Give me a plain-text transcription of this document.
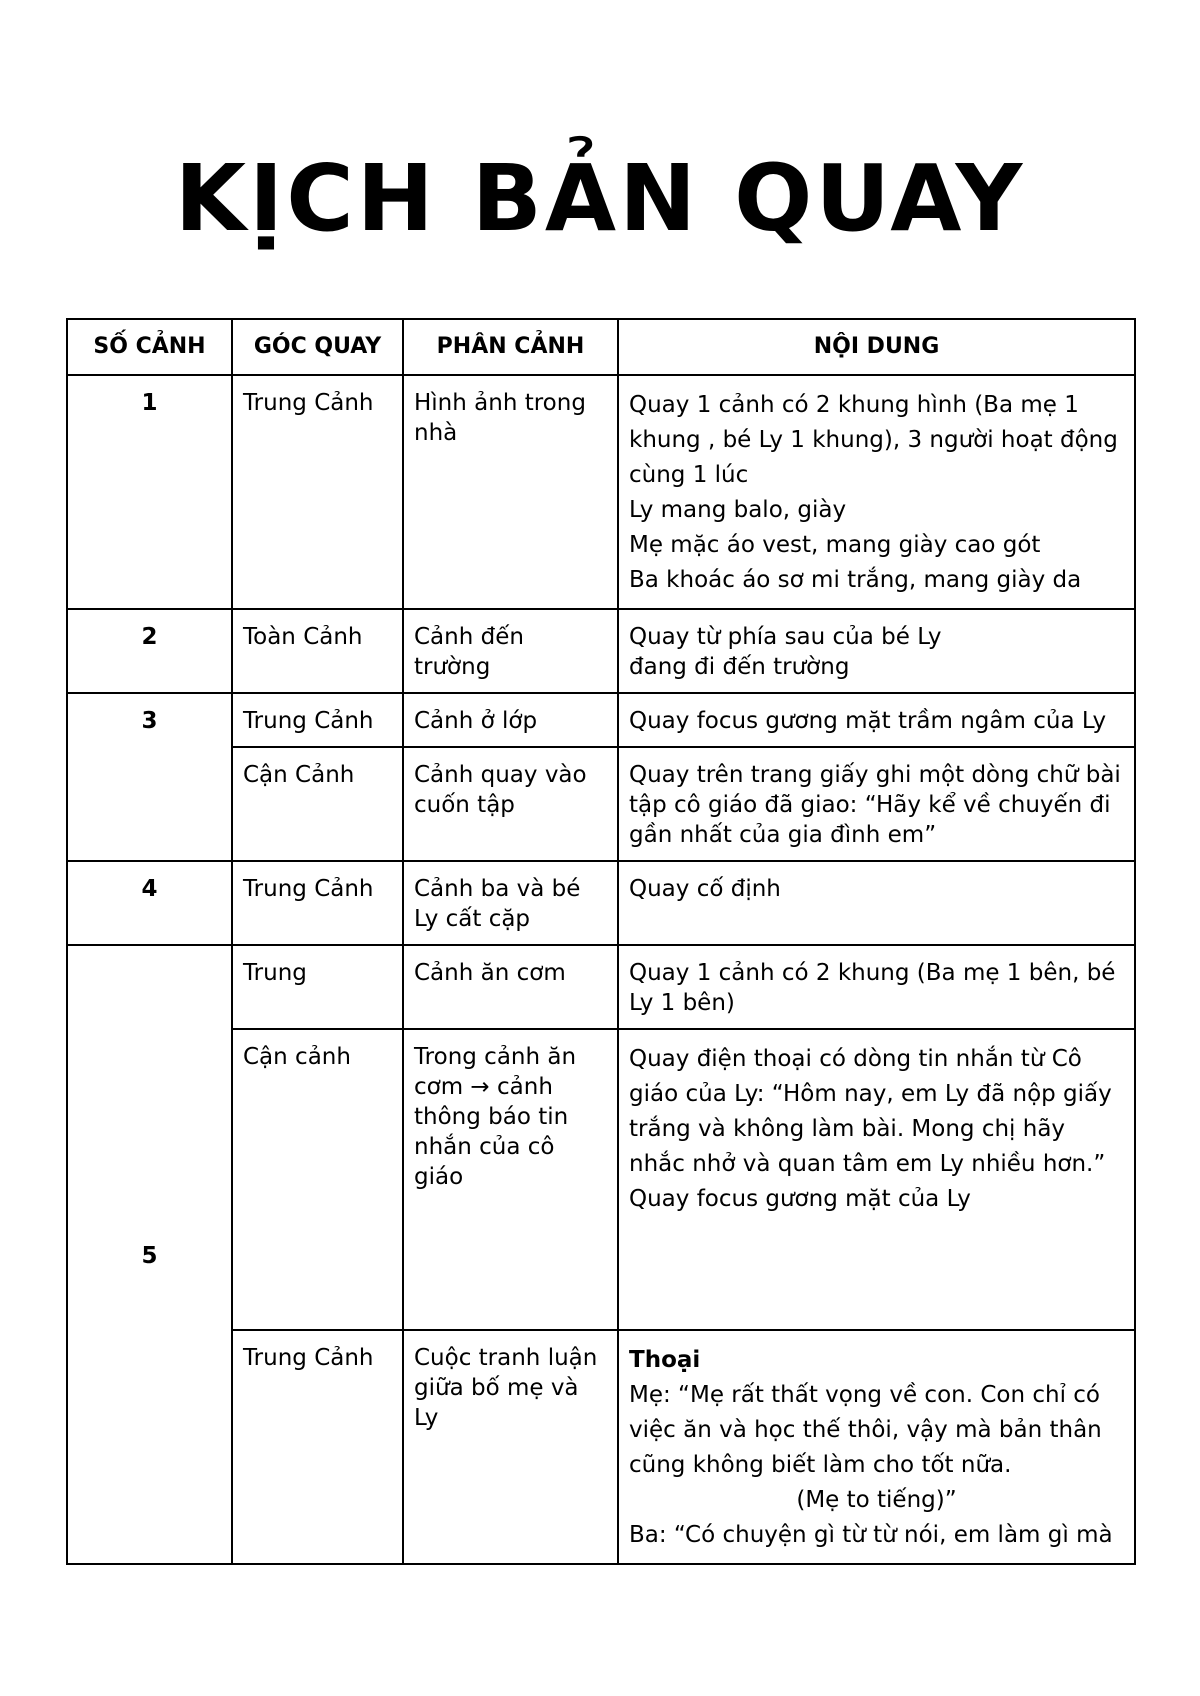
KỊCH BẢN QUAY
SỐ CẢNH	GÓC QUAY	PHÂN CẢNH	NỘI DUNG
1	Trung Cảnh	Hình ảnh trong nhà	Quay 1 cảnh có 2 khung hình (Ba mẹ 1 khung , bé Ly 1 khung), 3 người hoạt động cùng 1 lúc
Ly mang balo, giày
Mẹ mặc áo vest, mang giày cao gót
Ba khoác áo sơ mi trắng, mang giày da

2	Toàn Cảnh	Cảnh đến trường	Quay từ phía sau của bé Ly
đang đi đến trường

3	Trung Cảnh	Cảnh ở lớp	Quay focus gương mặt trầm ngâm của Ly

	Cận Cảnh	Cảnh quay vào cuốn tập	Quay trên trang giấy ghi một dòng chữ bài tập cô giáo đã giao: “Hãy kể về chuyến đi gần nhất của gia đình em”

4	Trung Cảnh	Cảnh ba và bé Ly cất cặp	Quay cố định

5	Trung	Cảnh ăn cơm	Quay 1 cảnh có 2 khung (Ba mẹ 1 bên, bé Ly 1 bên)

	Cận cảnh	Trong cảnh ăn cơm → cảnh thông báo tin nhắn của cô giáo	Quay điện thoại có dòng tin nhắn từ Cô giáo của Ly: “Hôm nay, em Ly đã nộp giấy trắng và không làm bài. Mong chị hãy nhắc nhở và quan tâm em Ly nhiều hơn.”
Quay focus gương mặt của Ly

	Trung Cảnh	Cuộc tranh luận giữa bố mẹ và Ly	Thoại
Mẹ: “Mẹ rất thất vọng về con. Con chỉ có việc ăn và học thế thôi, vậy mà bản thân cũng không biết làm cho tốt nữa.
(Mẹ to tiếng)”
Ba: “Có chuyện gì từ từ nói, em làm gì mà
